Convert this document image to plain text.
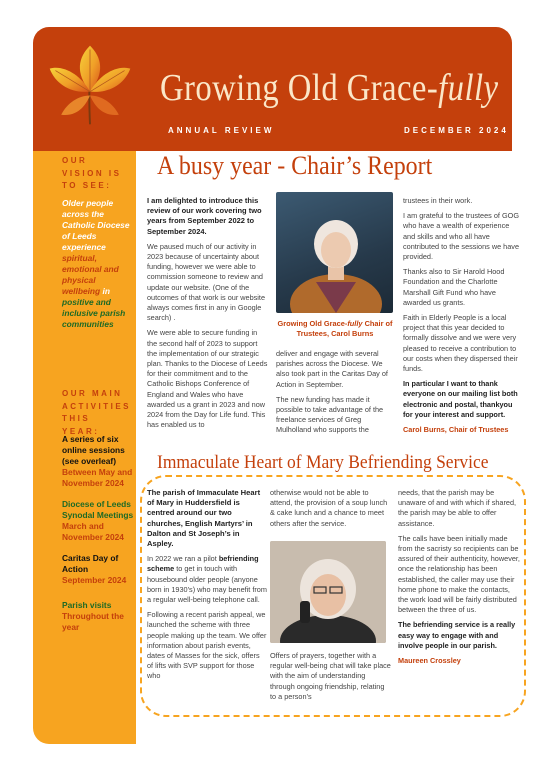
Growing Old Grace-fully
ANNUAL REVIEW	DECEMBER 2024
OUR VISION IS TO SEE:
Older people across the Catholic Diocese of Leeds experience spiritual, emotional and physical wellbeing in positive and inclusive parish communities
OUR MAIN ACTIVITIES THIS YEAR:
A series of six online sessions (see overleaf)
Between May and November 2024
Diocese of Leeds Synodal Meetings
March and November 2024
Caritas Day of Action
September 2024
Parish visits
Throughout the year
A busy year - Chair’s Report

I am delighted to introduce this review of our work covering two years from September 2022 to September 2024.

We paused much of our activity in 2023 because of uncertainty about funding, however we were able to commission someone to review and update our website. (One of the outcomes of that work is our website always comes first in any in Google search) .

We were able to secure funding in the second half of 2023 to support the implementation of our strategic plan. Thanks to the Diocese of Leeds for their commitment and to the Catholic Bishops Conference of England and Wales who have awarded us a grant in 2023 and now 2024 from the Day for Life fund. This has enabled us to

Growing Old Grace-fully Chair of Trustees, Carol Burns

deliver and engage with several parishes across the Diocese. We also took part in the Caritas Day of Action in September.

The new funding has made it possible to take advantage of the freelance services of Greg Mulholland who supports the

trustees in their work.

I am grateful to the trustees of GOG who have a wealth of experience and skills and who all have contributed to the sessions we have provided.

Thanks also to Sir Harold Hood Foundation and the Charlotte Marshall Gift Fund who have awarded us grants.

Faith in Elderly People is a local project that this year decided to formally dissolve and we were very pleased to receive a contribution to our costs when they dispersed their funds.

In particular I want to thank everyone on our mailing list both electronic and postal, thankyou for your interest and support.

Carol Burns, Chair of Trustees

Immaculate Heart of Mary Befriending Service

The parish of Immaculate Heart of Mary in Huddersfield is centred around our two churches, English Martyrs’ in Dalton and St Joseph’s in Aspley.

In 2022 we ran a pilot befriending scheme to get in touch with housebound older people (anyone born in 1930’s) who may benefit from a regular well-being telephone call.

Following a recent parish appeal, we launched the scheme with three people making up the team. We offer information about parish events, dates of Masses for the sick, offers of lifts with SVP support for those who

otherwise would not be able to attend, the provision of a soup lunch & cake lunch and a chance to meet others after the service.

Offers of prayers, together with a regular well-being chat will take place with the aim of understanding through ongoing friendship, relating to a person’s

needs, that the parish may be unaware of and with which if shared, the parish may be able to offer assistance.

The calls have been initially made from the sacristy so recipients can be assured of their authenticity, however, once the relationship has been established, the caller may use their home phone to make the contacts, the work load will be fairly distributed between the three of us.

The befriending service is a really easy way to engage with and involve people in our parish.

Maureen Crossley
